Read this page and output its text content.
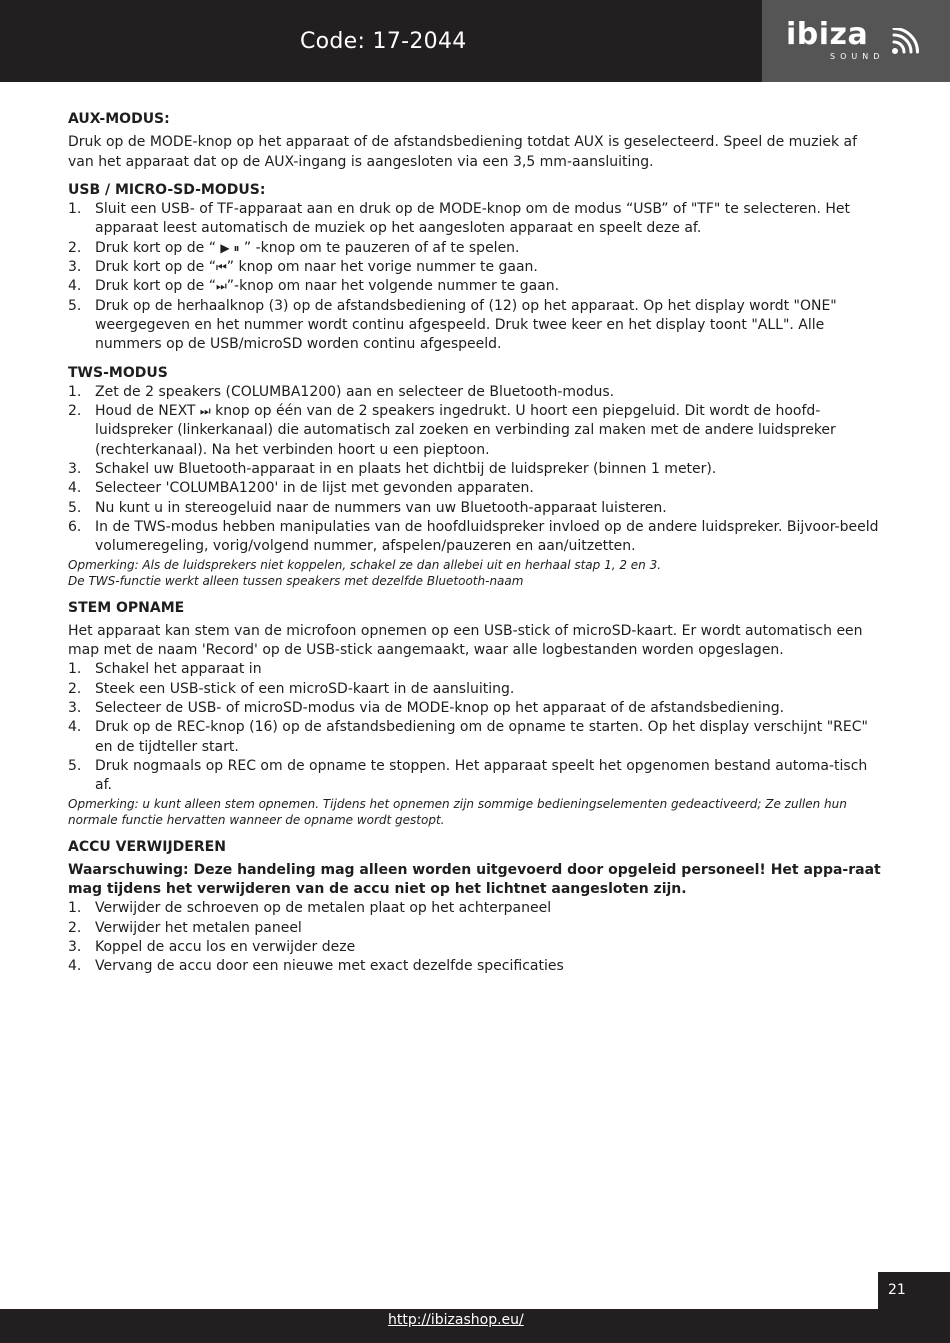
Code: 17-2044	ibiza
SOUND

AUX-MODUS:

Druk op de MODE-knop op het apparaat of de afstandsbediening totdat AUX is geselecteerd. Speel de muziek af van het apparaat dat op de AUX-ingang is aangesloten via een 3,5 mm-aansluiting.

USB / MICRO-SD-MODUS:

1. Sluit een USB- of TF-apparaat aan en druk op de MODE-knop om de modus “USB” of "TF" te selecteren. Het apparaat leest automatisch de muziek op het aangesloten apparaat en speelt deze af.

2. Druk kort op de “ ▶ ⏸ ” -knop om te pauzeren of af te spelen.

3. Druk kort op de “⏮” knop om naar het vorige nummer te gaan.

4. Druk kort op de “⏭”-knop om naar het volgende nummer te gaan.

5. Druk op de herhaalknop (3) op de afstandsbediening of (12) op het apparaat. Op het display wordt "ONE" weergegeven en het nummer wordt continu afgespeeld. Druk twee keer en het display toont "ALL". Alle nummers op de USB/microSD worden continu afgespeeld.

TWS-MODUS

1. Zet de 2 speakers (COLUMBA1200) aan en selecteer de Bluetooth-modus.

2. Houd de NEXT ⏭ knop op één van de 2 speakers ingedrukt. U hoort een piepgeluid. Dit wordt de hoofd-luidspreker (linkerkanaal) die automatisch zal zoeken en verbinding zal maken met de andere luidspreker (rechterkanaal). Na het verbinden hoort u een pieptoon.

3. Schakel uw Bluetooth-apparaat in en plaats het dichtbij de luidspreker (binnen 1 meter).

4. Selecteer 'COLUMBA1200' in de lijst met gevonden apparaten.

5. Nu kunt u in stereogeluid naar de nummers van uw Bluetooth-apparaat luisteren.

6. In de TWS-modus hebben manipulaties van de hoofdluidspreker invloed op de andere luidspreker. Bijvoor-beeld volumeregeling, vorig/volgend nummer, afspelen/pauzeren en aan/uitzetten.

Opmerking: Als de luidsprekers niet koppelen, schakel ze dan allebei uit en herhaal stap 1, 2 en 3.

De TWS-functie werkt alleen tussen speakers met dezelfde Bluetooth-naam

STEM OPNAME

Het apparaat kan stem van de microfoon opnemen op een USB-stick of microSD-kaart. Er wordt automatisch een map met de naam 'Record' op de USB-stick aangemaakt, waar alle logbestanden worden opgeslagen.

1. Schakel het apparaat in

2. Steek een USB-stick of een microSD-kaart in de aansluiting.

3. Selecteer de USB- of microSD-modus via de MODE-knop op het apparaat of de afstandsbediening.

4. Druk op de REC-knop (16) op de afstandsbediening om de opname te starten. Op het display verschijnt "REC" en de tijdteller start.

5. Druk nogmaals op REC om de opname te stoppen. Het apparaat speelt het opgenomen bestand automa-tisch af.

Opmerking: u kunt alleen stem opnemen. Tijdens het opnemen zijn sommige bedieningselementen gedeactiveerd; Ze zullen hun normale functie hervatten wanneer de opname wordt gestopt.

ACCU VERWIJDEREN

Waarschuwing: Deze handeling mag alleen worden uitgevoerd door opgeleid personeel! Het appa-raat mag tijdens het verwijderen van de accu niet op het lichtnet aangesloten zijn.

1. Verwijder de schroeven op de metalen plaat op het achterpaneel

2. Verwijder het metalen paneel

3. Koppel de accu los en verwijder deze

4. Vervang de accu door een nieuwe met exact dezelfde specificaties

21
http://ibizashop.eu/
